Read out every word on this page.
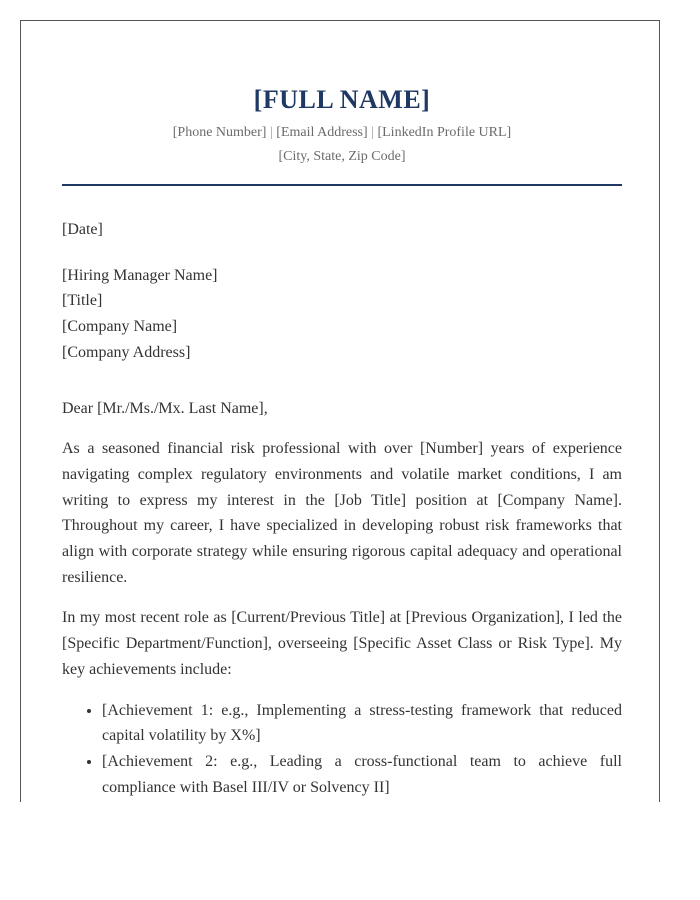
[FULL NAME]
[Phone Number] | [Email Address] | [LinkedIn Profile URL]
[City, State, Zip Code]
[Date]
[Hiring Manager Name]
[Title]
[Company Name]
[Company Address]
Dear [Mr./Ms./Mx. Last Name],

As a seasoned financial risk professional with over [Number] years of experience navigating complex regulatory environments and volatile market conditions, I am writing to express my interest in the [Job Title] position at [Company Name]. Throughout my career, I have specialized in developing robust risk frameworks that align with corporate strategy while ensuring rigorous capital adequacy and operational resilience.

In my most recent role as [Current/Previous Title] at [Previous Organization], I led the [Specific Department/Function], overseeing [Specific Asset Class or Risk Type]. My key achievements include:

• [Achievement 1: e.g., Implementing a stress-testing framework that reduced capital volatility by X%]
• [Achievement 2: e.g., Leading a cross-functional team to achieve full compliance with Basel III/IV or Solvency II]
